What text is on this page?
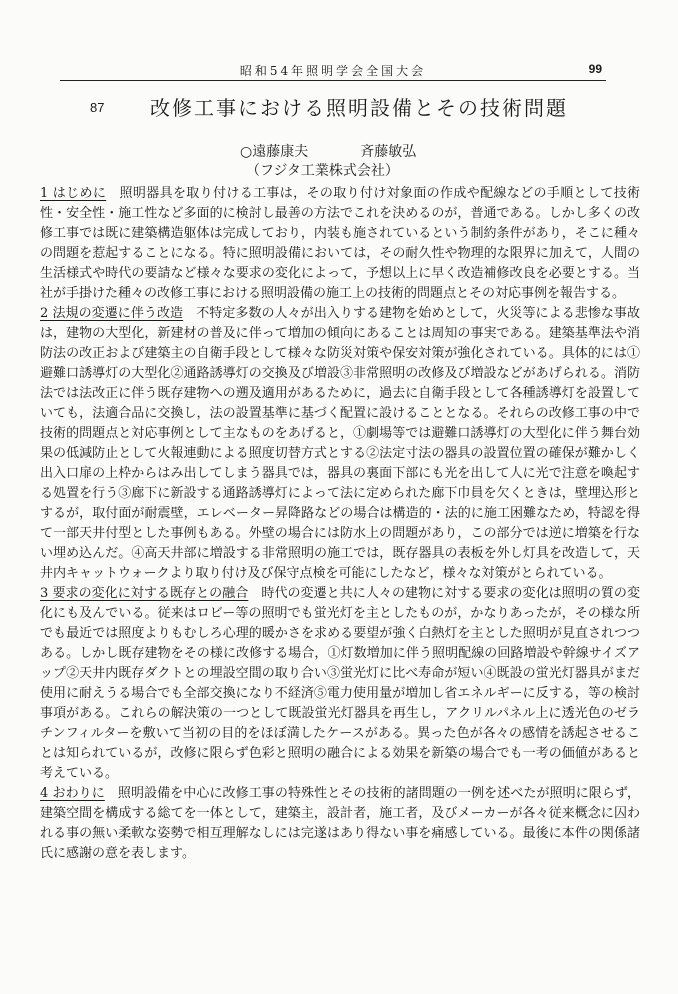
昭和54年照明学会全国大会	99
87 改修工事における照明設備とその技術問題
○遠藤康夫	斉藤敏弘
（フジタ工業株式会社）

1 はじめに　 照明器具を取り付ける工事は，その取り付け対象面の作成や配線などの手順として技術性・安全性・施工性など多面的に検討し最善の方法でこれを決めるのが，普通である。しかし多くの改修工事では既に建築構造躯体は完成しており，内装も施されているという制約条件があり，そこに種々の問題を惹起することになる。特に照明設備においては，その耐久性や物理的な限界に加えて，人間の生活様式や時代の要請など様々な要求の変化によって，予想以上に早く改造補修改良を必要とする。当社が手掛けた種々の改修工事における照明設備の施工上の技術的問題点とその対応事例を報告する。

2 法規の変遷に伴う改造　 不特定多数の人々が出入りする建物を始めとして，火災等による悲惨な事故は，建物の大型化，新建材の普及に伴って増加の傾向にあることは周知の事実である。建築基準法や消防法の改正および建築主の自衛手段として様々な防災対策や保安対策が強化されている。具体的には①避難口誘導灯の大型化②通路誘導灯の交換及び増設③非常照明の改修及び増設などがあげられる。消防法では法改正に伴う既存建物への遡及適用があるために，過去に自衛手段として各種誘導灯を設置していても，法適合品に交換し，法の設置基準に基づく配置に設けることとなる。それらの改修工事の中で技術的問題点と対応事例として主なものをあげると，①劇場等では避難口誘導灯の大型化に伴う舞台効果の低減防止として火報連動による照度切替方式とする②法定寸法の器具の設置位置の確保が難かしく出入口扉の上枠からはみ出してしまう器具では，器具の裏面下部にも光を出して人に光で注意を喚起する処置を行う③廊下に新設する通路誘導灯によって法に定められた廊下巾員を欠くときは，壁埋込形とするが，取付面が耐震壁，エレベーター昇降路などの場合は構造的・法的に施工困難なため，特認を得て一部天井付型とした事例もある。外壁の場合には防水上の問題があり，この部分では逆に増築を行ない埋め込んだ。④高天井部に増設する非常照明の施工では，既存器具の表板を外し灯具を改造して，天井内キャットウォークより取り付け及び保守点検を可能にしたなど，様々な対策がとられている。

3 要求の変化に対する既存との融合　 時代の変遷と共に人々の建物に対する要求の変化は照明の質の変化にも及んでいる。従来はロビー等の照明でも蛍光灯を主としたものが，かなりあったが，その様な所でも最近では照度よりもむしろ心理的暖かさを求める要望が強く白熱灯を主とした照明が見直されつつある。しかし既存建物をその様に改修する場合，①灯数増加に伴う照明配線の回路増設や幹線サイズアップ②天井内既存ダクトとの埋設空間の取り合い③蛍光灯に比べ寿命が短い④既設の蛍光灯器具がまだ使用に耐えうる場合でも全部交換になり不経済⑤電力使用量が増加し省エネルギーに反する，等の検討事項がある。これらの解決策の一つとして既設蛍光灯器具を再生し，アクリルパネル上に透光色のゼラチンフィルターを敷いて当初の目的をほぼ満したケースがある。異った色が各々の感情を誘起させることは知られているが，改修に限らず色彩と照明の融合による効果を新築の場合でも一考の価値があると考えている。

4 おわりに　 照明設備を中心に改修工事の特殊性とその技術的諸問題の一例を述べたが照明に限らず，建築空間を構成する総てを一体として，建築主，設計者，施工者，及びメーカーが各々従来概念に囚われる事の無い柔軟な姿勢で相互理解なしには完遂はあり得ない事を痛感している。最後に本件の関係諸氏に感謝の意を表します。
